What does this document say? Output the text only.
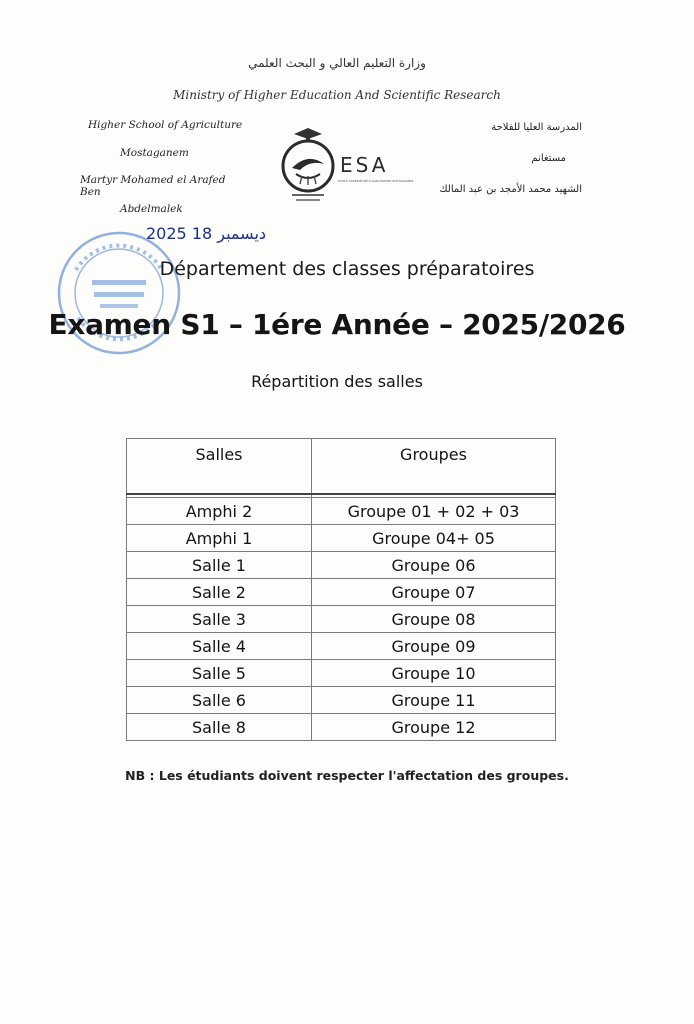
وزارة التعليم العالي و البحث العلمي
Ministry of Higher Education And Scientific Research
Higher School of Agriculture
Mostaganem
Martyr Mohamed el Arafed Ben
Abdelmalek
المدرسة العليا للفلاحة
مستغانم
الشهيد محمد الأمجد بن عبد المالك
ESA
ECOLE SUPERIEURE D'AGRONOMIE MOSTAGANEM
2025 ديسمبر 18
Département des classes préparatoires
Examen S1 – 1ére Année – 2025/2026
Répartition des salles
Salles	Groupes

Amphi 2	Groupe 01 + 02 + 03
Amphi 1	Groupe 04+ 05
Salle 1	Groupe 06
Salle 2	Groupe 07
Salle 3	Groupe 08
Salle 4	Groupe 09
Salle 5	Groupe 10
Salle 6	Groupe 11
Salle 8	Groupe 12
NB : Les étudiants doivent respecter l'affectation des groupes.
